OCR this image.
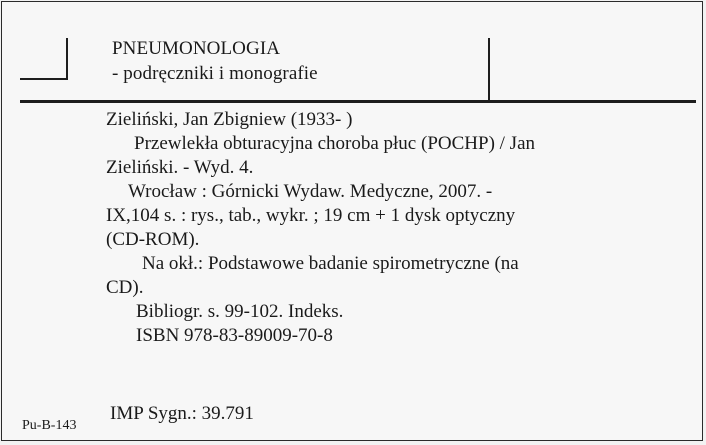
PNEUMONOLOGIA
- podręczniki i monografie
Zieliński, Jan Zbigniew (1933- )
Przewlekła obturacyjna choroba płuc (POCHP) / Jan
Zieliński. - Wyd. 4.
Wrocław : Górnicki Wydaw. Medyczne, 2007. -
IX,104 s. : rys., tab., wykr. ; 19 cm + 1 dysk optyczny
(CD-ROM).
Na okł.: Podstawowe badanie spirometryczne (na
CD).
Bibliogr. s. 99-102. Indeks.
ISBN 978-83-89009-70-8
IMP Sygn.: 39.791
Pu-B-143
